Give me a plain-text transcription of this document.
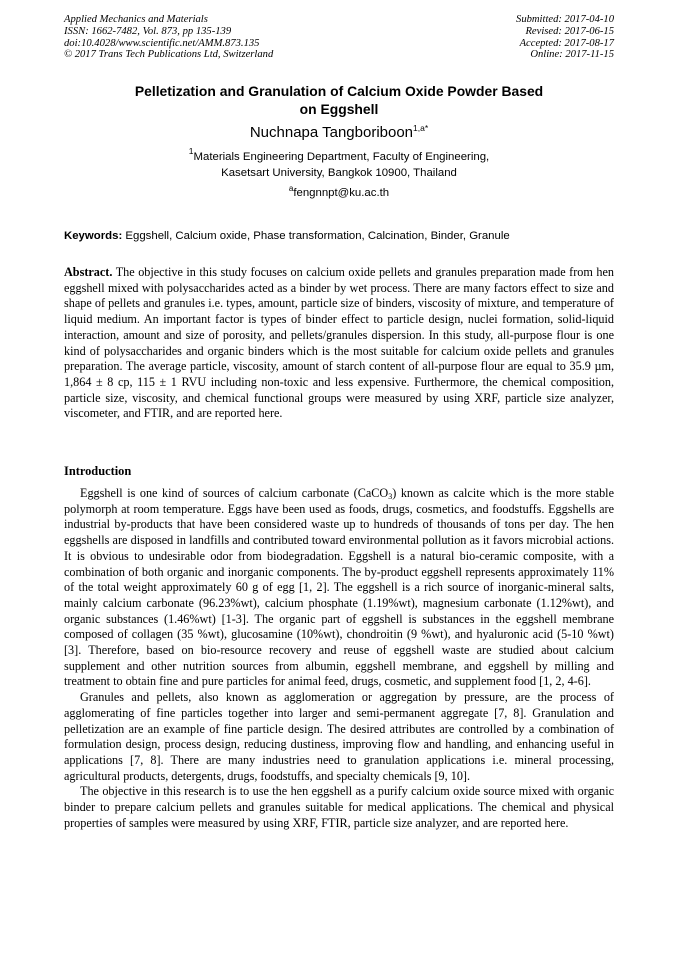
Applied Mechanics and Materials
ISSN: 1662-7482, Vol. 873, pp 135-139
doi:10.4028/www.scientific.net/AMM.873.135
© 2017 Trans Tech Publications Ltd, Switzerland
Submitted: 2017-04-10
Revised: 2017-06-15
Accepted: 2017-08-17
Online: 2017-11-15
Pelletization and Granulation of Calcium Oxide Powder Based
on Eggshell
Nuchnapa Tangboriboon$^{1,a*}$
$^1$Materials Engineering Department, Faculty of Engineering,
Kasetsart University, Bangkok 10900, Thailand
$^a$fengnnpt@ku.ac.th
Keywords: Eggshell, Calcium oxide, Phase transformation, Calcination, Binder, Granule
Abstract. The objective in this study focuses on calcium oxide pellets and granules preparation made from hen eggshell mixed with polysaccharides acted as a binder by wet process. There are many factors effect to size and shape of pellets and granules i.e. types, amount, particle size of binders, viscosity of mixture, and temperature of liquid medium. An important factor is types of binder effect to particle design, nuclei formation, solid-liquid interaction, amount and size of porosity, and pellets/granules dispersion. In this study, all-purpose flour is one kind of polysaccharides and organic binders which is the most suitable for calcium oxide pellets and granules preparation. The average particle, viscosity, amount of starch content of all-purpose flour are equal to 35.9 µm, 1,864 ± 8 cp, 115 ± 1 RVU including non-toxic and less expensive. Furthermore, the chemical composition, particle size, viscosity, and chemical functional groups were measured by using XRF, particle size analyzer, viscometer, and FTIR, and are reported here.
Introduction

Eggshell is one kind of sources of calcium carbonate (CaCO$_3$) known as calcite which is the more stable polymorph at room temperature. Eggs have been used as foods, drugs, cosmetics, and foodstuffs. Eggshells are industrial by-products that have been considered waste up to hundreds of thousands of tons per day. The hen eggshells are disposed in landfills and contributed toward environmental pollution as it favors microbial actions. It is obvious to undesirable odor from biodegradation. Eggshell is a natural bio-ceramic composite, with a combination of both organic and inorganic components. The by-product eggshell represents approximately 11% of the total weight approximately 60 g of egg [1, 2]. The eggshell is a rich source of inorganic-mineral salts, mainly calcium carbonate (96.23%wt), calcium phosphate (1.19%wt), magnesium carbonate (1.12%wt), and organic substances (1.46%wt) [1-3]. The organic part of eggshell is substances in the eggshell membrane composed of collagen (35 %wt), glucosamine (10%wt), chondroitin (9 %wt), and hyaluronic acid (5-10 %wt) [3]. Therefore, based on bio-resource recovery and reuse of eggshell waste are studied about calcium supplement and other nutrition sources from albumin, eggshell membrane, and eggshell by milling and treatment to obtain fine and pure particles for animal feed, drugs, cosmetic, and supplement food [1, 2, 4-6].

Granules and pellets, also known as agglomeration or aggregation by pressure, are the process of agglomerating of fine particles together into larger and semi-permanent aggregate [7, 8]. Granulation and pelletization are an example of fine particle design. The desired attributes are controlled by a combination of formulation design, process design, reducing dustiness, improving flow and handling, and enhancing useful in applications [7, 8]. There are many industries need to granulation applications i.e. mineral processing, agricultural products, detergents, drugs, foodstuffs, and specialty chemicals [9, 10].

The objective in this research is to use the hen eggshell as a purify calcium oxide source mixed with organic binder to prepare calcium pellets and granules suitable for medical applications. The chemical and physical properties of samples were measured by using XRF, FTIR, particle size analyzer, and are reported here.
